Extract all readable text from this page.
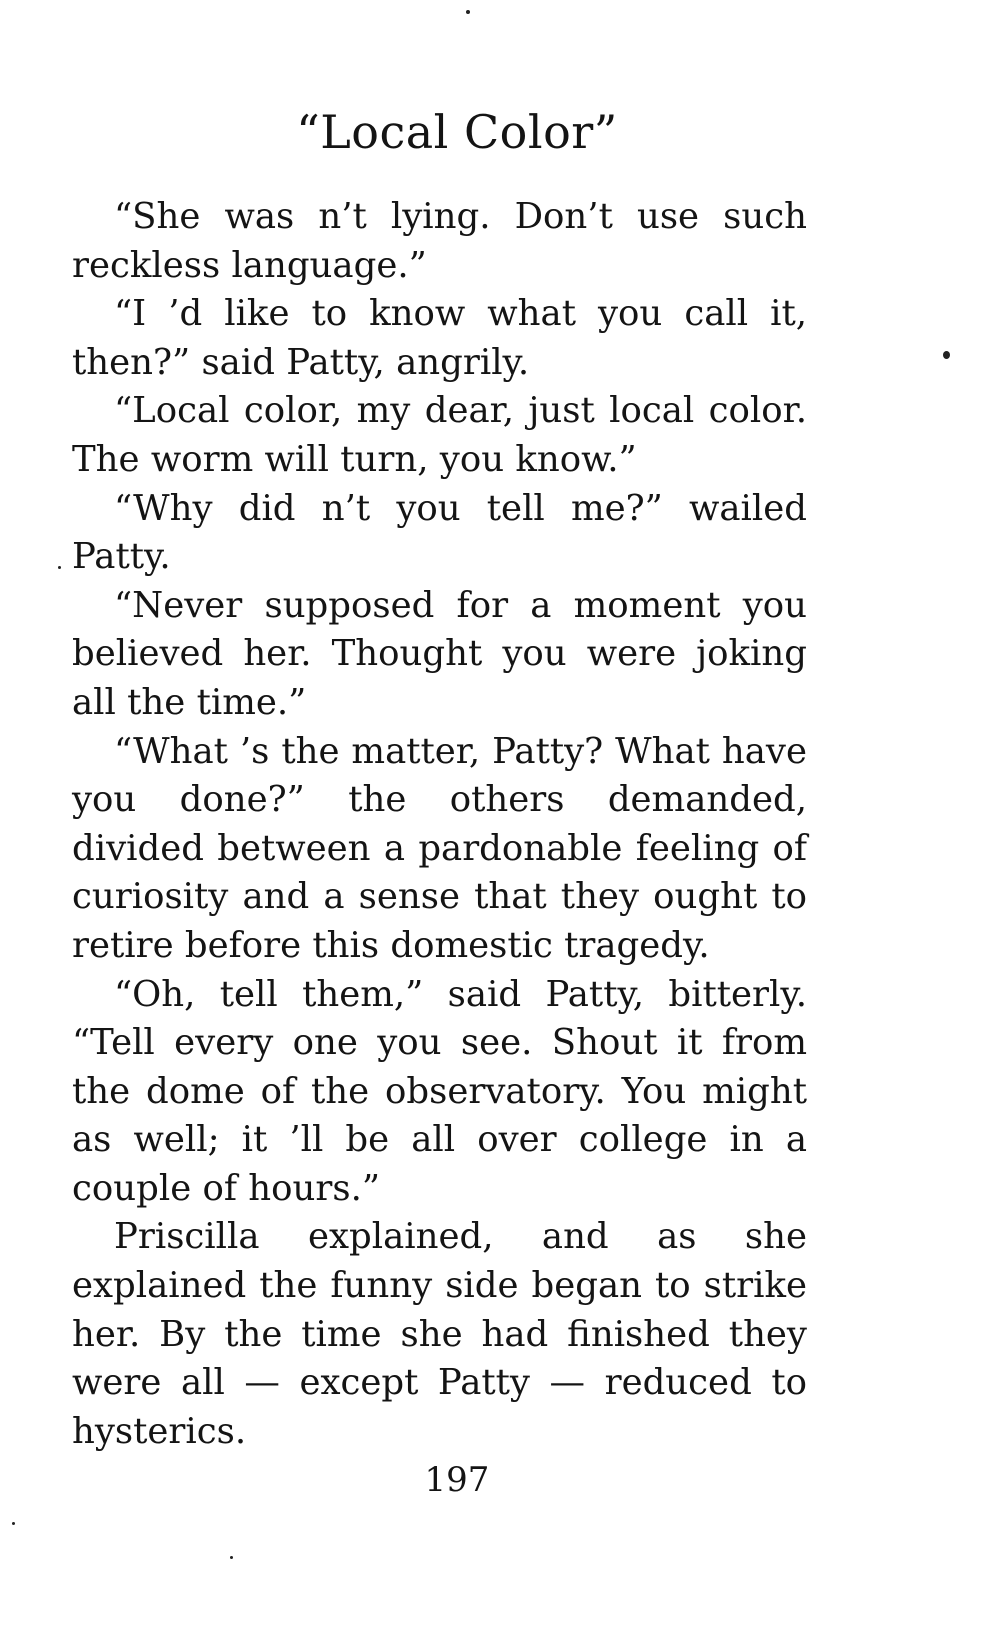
“Local Color”

“She was n’t lying. Don’t use such reckless language.”

“I ’d like to know what you call it, then?” said Patty, angrily.

“Local color, my dear, just local color. The worm will turn, you know.”

“Why did n’t you tell me?” wailed Patty.

“Never supposed for a moment you believed her. Thought you were joking all the time.”

“What ’s the matter, Patty? What have you done?” the others demanded, divided between a pardonable feeling of curiosity and a sense that they ought to retire before this domestic tragedy.

“Oh, tell them,” said Patty, bitterly. “Tell every one you see. Shout it from the dome of the observatory. You might as well; it ’ll be all over college in a couple of hours.”

Priscilla explained, and as she explained the funny side began to strike her. By the time she had finished they were all — except Patty — reduced to hysterics.

197
